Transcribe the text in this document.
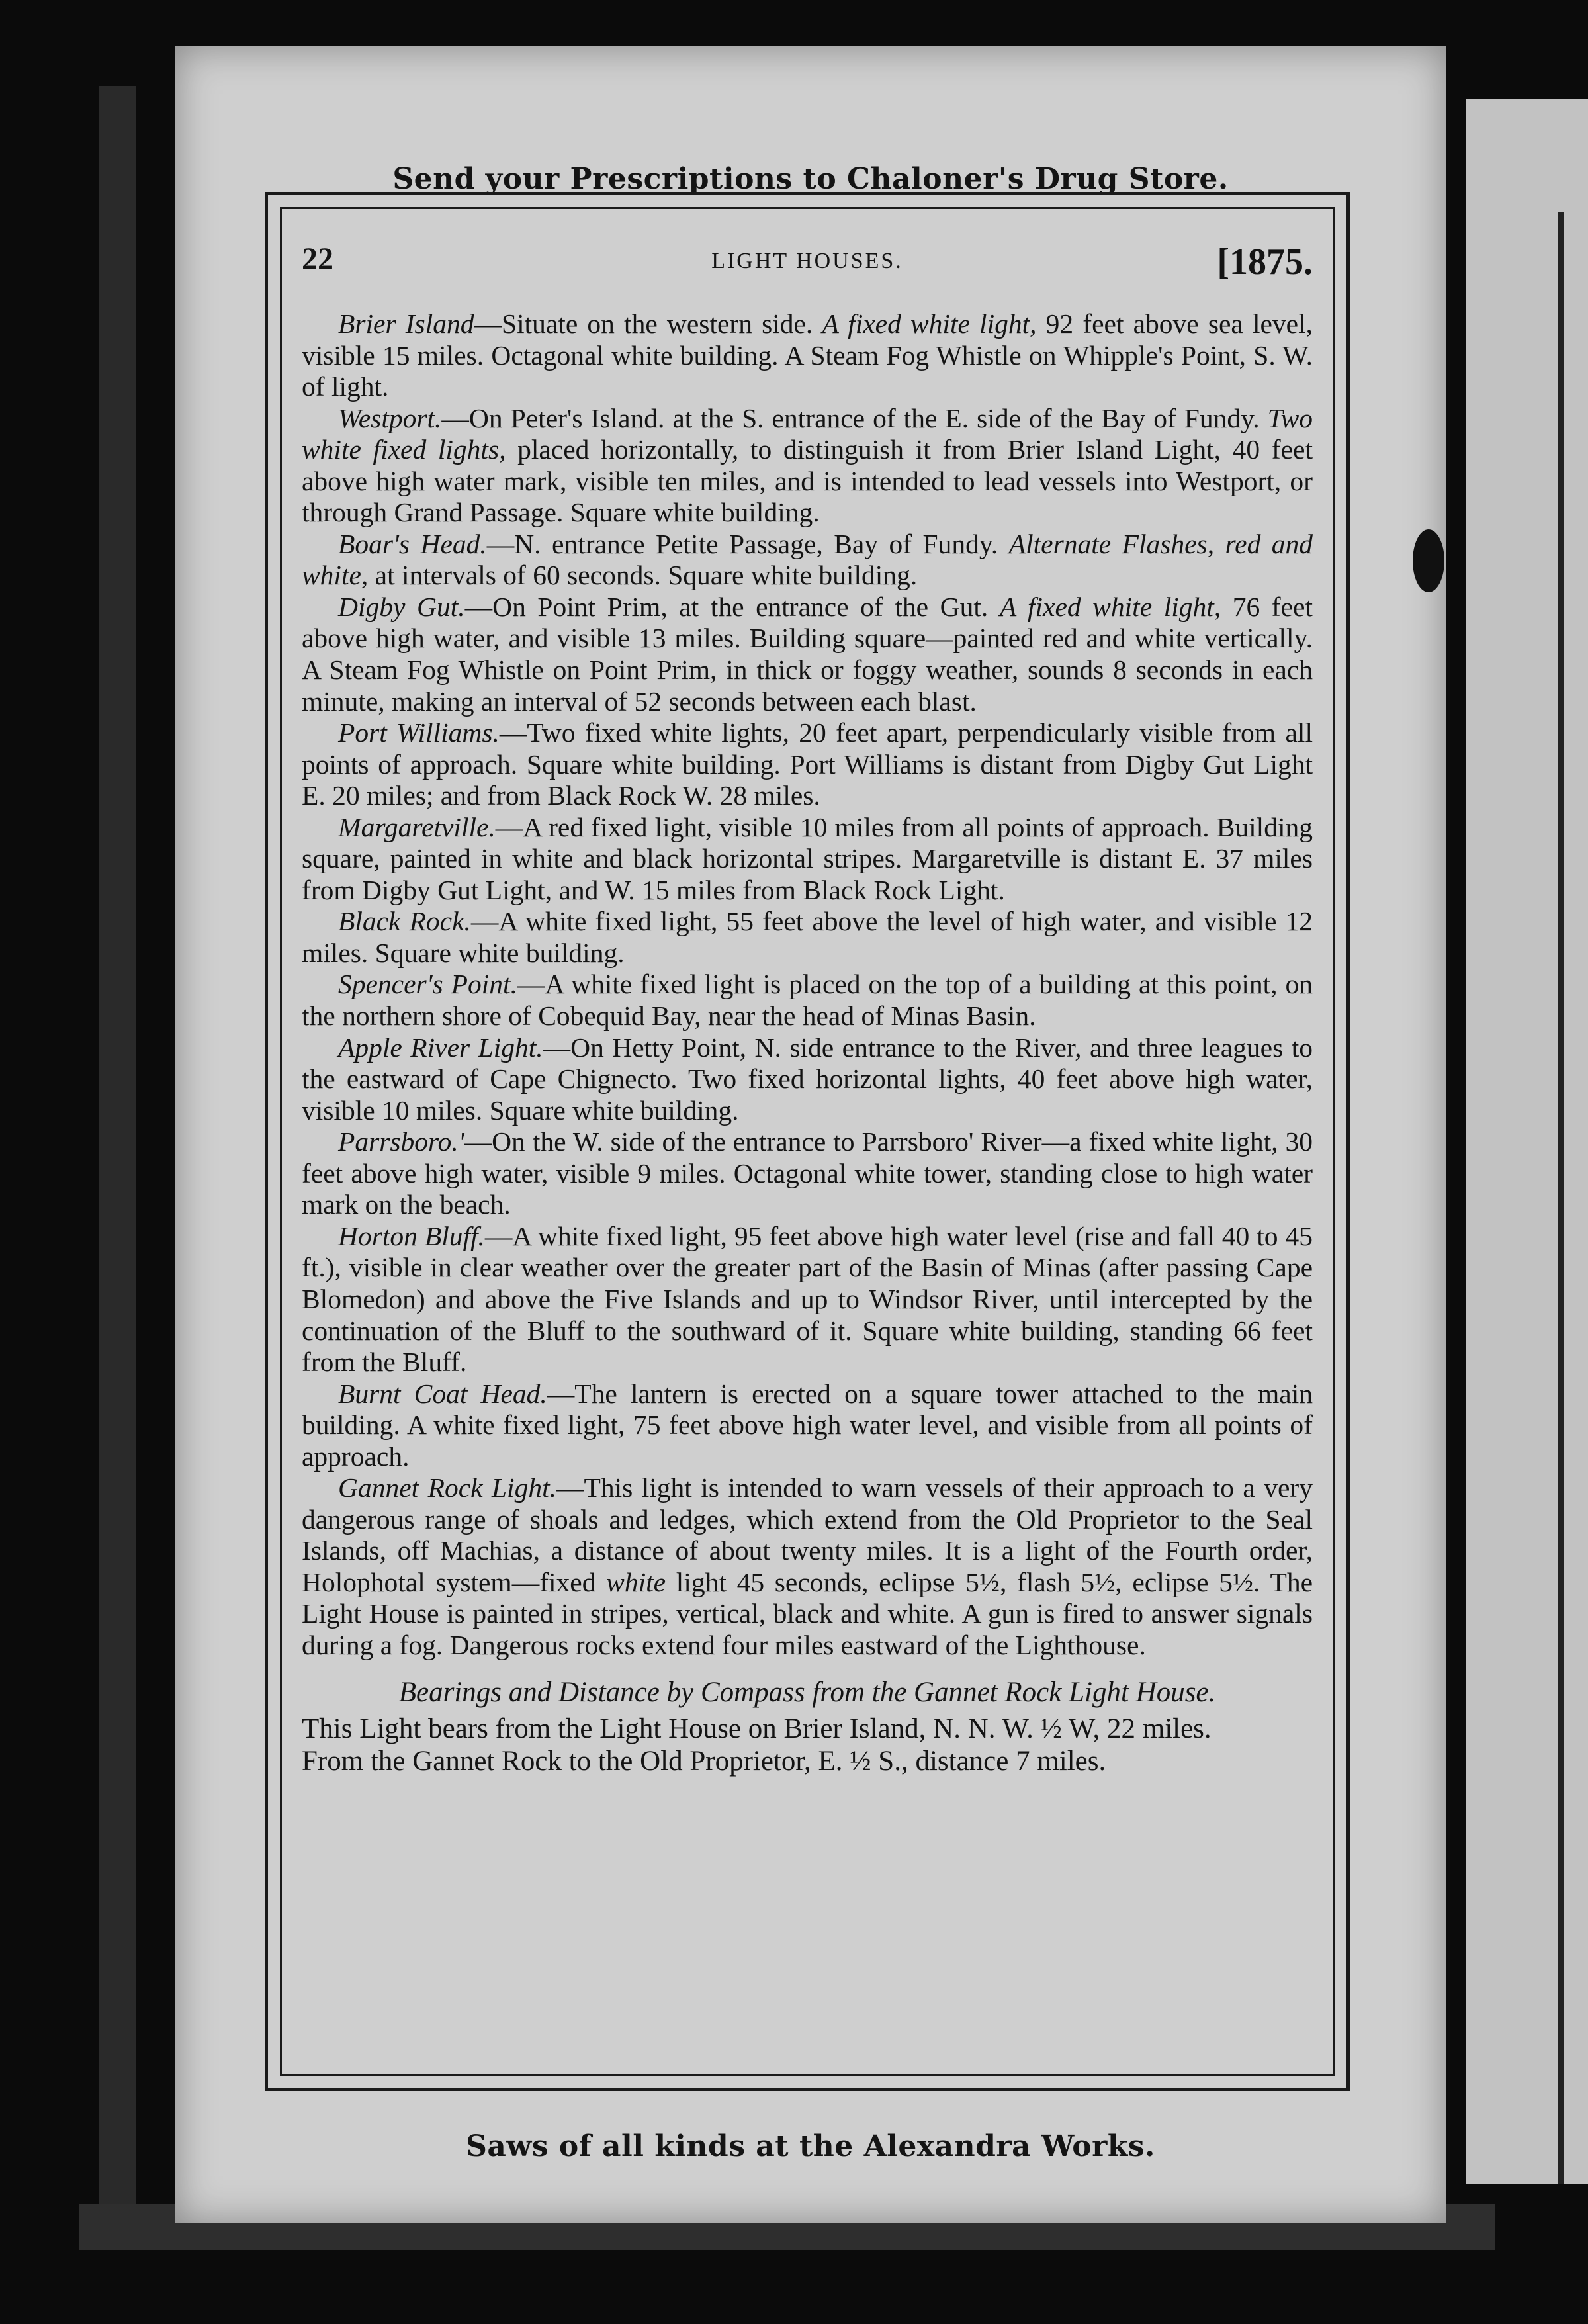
Send your Prescriptions to Chaloner's Drug Store.
22	LIGHT HOUSES.	[1875.

Brier Island—Situate on the western side. A fixed white light, 92 feet above sea level, visible 15 miles. Octagonal white building. A Steam Fog Whistle on Whipple's Point, S. W. of light.

Westport.—On Peter's Island. at the S. entrance of the E. side of the Bay of Fundy. Two white fixed lights, placed horizontally, to distinguish it from Brier Island Light, 40 feet above high water mark, visible ten miles, and is intended to lead vessels into Westport, or through Grand Passage. Square white building.

Boar's Head.—N. entrance Petite Passage, Bay of Fundy. Alternate Flashes, red and white, at intervals of 60 seconds. Square white building.

Digby Gut.—On Point Prim, at the entrance of the Gut. A fixed white light, 76 feet above high water, and visible 13 miles. Building square—painted red and white vertically. A Steam Fog Whistle on Point Prim, in thick or foggy weather, sounds 8 seconds in each minute, making an interval of 52 seconds between each blast.

Port Williams.—Two fixed white lights, 20 feet apart, perpendicularly visible from all points of approach. Square white building. Port Williams is distant from Digby Gut Light E. 20 miles; and from Black Rock W. 28 miles.

Margaretville.—A red fixed light, visible 10 miles from all points of approach. Building square, painted in white and black horizontal stripes. Margaretville is distant E. 37 miles from Digby Gut Light, and W. 15 miles from Black Rock Light.

Black Rock.—A white fixed light, 55 feet above the level of high water, and visible 12 miles. Square white building.

Spencer's Point.—A white fixed light is placed on the top of a building at this point, on the northern shore of Cobequid Bay, near the head of Minas Basin.

Apple River Light.—On Hetty Point, N. side entrance to the River, and three leagues to the eastward of Cape Chignecto. Two fixed horizontal lights, 40 feet above high water, visible 10 miles. Square white building.

Parrsboro.'—On the W. side of the entrance to Parrsboro' River—a fixed white light, 30 feet above high water, visible 9 miles. Octagonal white tower, standing close to high water mark on the beach.

Horton Bluff.—A white fixed light, 95 feet above high water level (rise and fall 40 to 45 ft.), visible in clear weather over the greater part of the Basin of Minas (after passing Cape Blomedon) and above the Five Islands and up to Windsor River, until intercepted by the continuation of the Bluff to the southward of it. Square white building, standing 66 feet from the Bluff.

Burnt Coat Head.—The lantern is erected on a square tower attached to the main building. A white fixed light, 75 feet above high water level, and visible from all points of approach.

Gannet Rock Light.—This light is intended to warn vessels of their approach to a very dangerous range of shoals and ledges, which extend from the Old Proprietor to the Seal Islands, off Machias, a distance of about twenty miles. It is a light of the Fourth order, Holophotal system—fixed white light 45 seconds, eclipse 5½, flash 5½, eclipse 5½. The Light House is painted in stripes, vertical, black and white. A gun is fired to answer signals during a fog. Dangerous rocks extend four miles eastward of the Lighthouse.

Bearings and Distance by Compass from the Gannet Rock Light House.

This Light bears from the Light House on Brier Island, N. N. W. ½ W, 22 miles.

From the Gannet Rock to the Old Proprietor, E. ½ S., distance 7 miles.

Saws of all kinds at the Alexandra Works.
